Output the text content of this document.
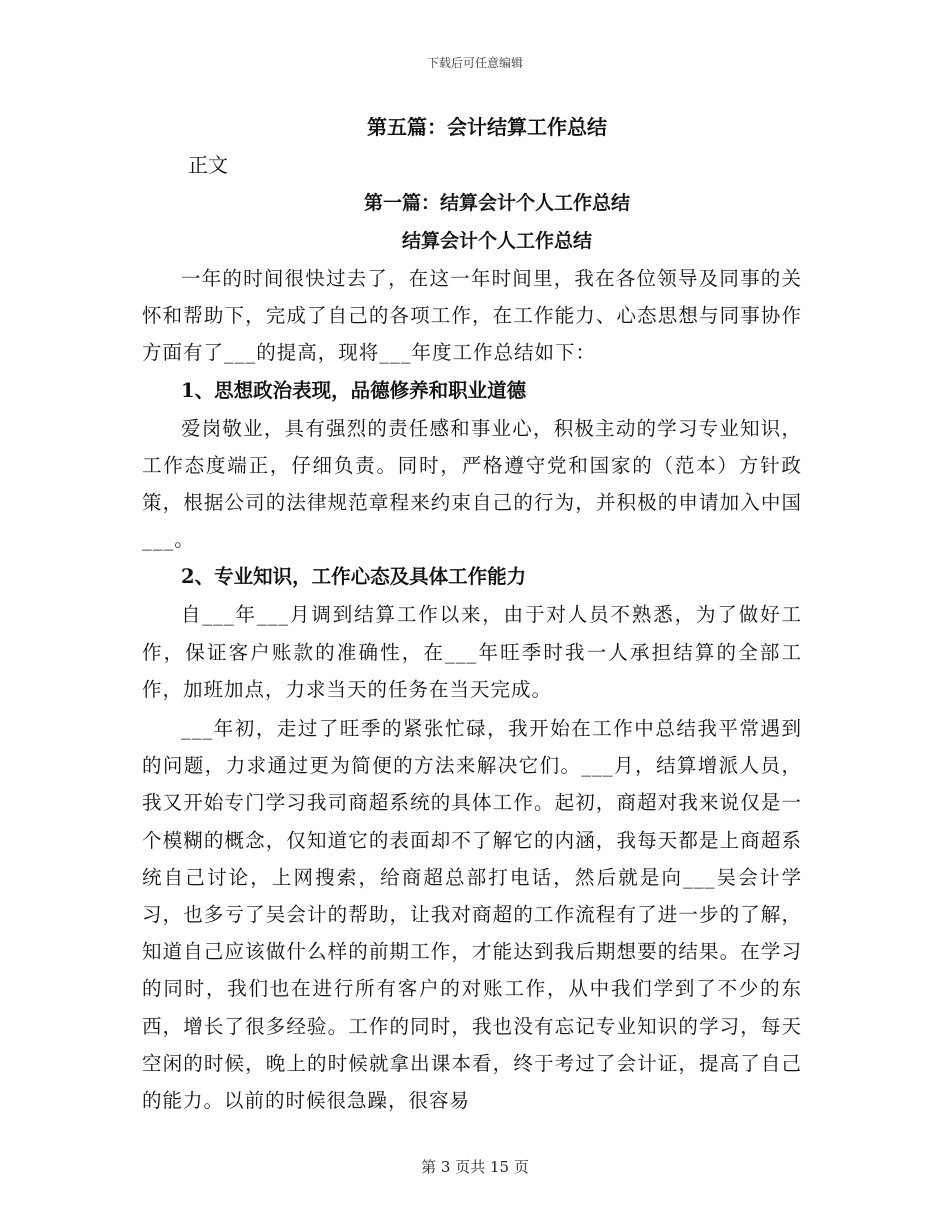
下载后可任意编辑

第五篇：会计结算工作总结

正文

第一篇：结算会计个人工作总结

结算会计个人工作总结

一年的时间很快过去了，在这一年时间里，我在各位领导及同事的关怀和帮助下，完成了自己的各项工作，在工作能力、心态思想与同事协作方面有了___的提高，现将___年度工作总结如下：

1、思想政治表现，品德修养和职业道德

爱岗敬业，具有强烈的责任感和事业心，积极主动的学习专业知识，工作态度端正，仔细负责。同时，严格遵守党和国家的（范本）方针政策，根据公司的法律规范章程来约束自己的行为，并积极的申请加入中国___。

2、专业知识，工作心态及具体工作能力

自___年___月调到结算工作以来，由于对人员不熟悉，为了做好工作，保证客户账款的准确性，在___年旺季时我一人承担结算的全部工作，加班加点，力求当天的任务在当天完成。

___年初，走过了旺季的紧张忙碌，我开始在工作中总结我平常遇到的问题，力求通过更为简便的方法来解决它们。___月，结算增派人员，我又开始专门学习我司商超系统的具体工作。起初，商超对我来说仅是一个模糊的概念，仅知道它的表面却不了解它的内涵，我每天都是上商超系统自己讨论，上网搜索，给商超总部打电话，然后就是向___吴会计学习，也多亏了吴会计的帮助，让我对商超的工作流程有了进一步的了解，知道自己应该做什么样的前期工作，才能达到我后期想要的结果。在学习的同时，我们也在进行所有客户的对账工作，从中我们学到了不少的东西，增长了很多经验。工作的同时，我也没有忘记专业知识的学习，每天空闲的时候，晚上的时候就拿出课本看，终于考过了会计证，提高了自己的能力。以前的时候很急躁，很容易

第 3 页共 15 页
